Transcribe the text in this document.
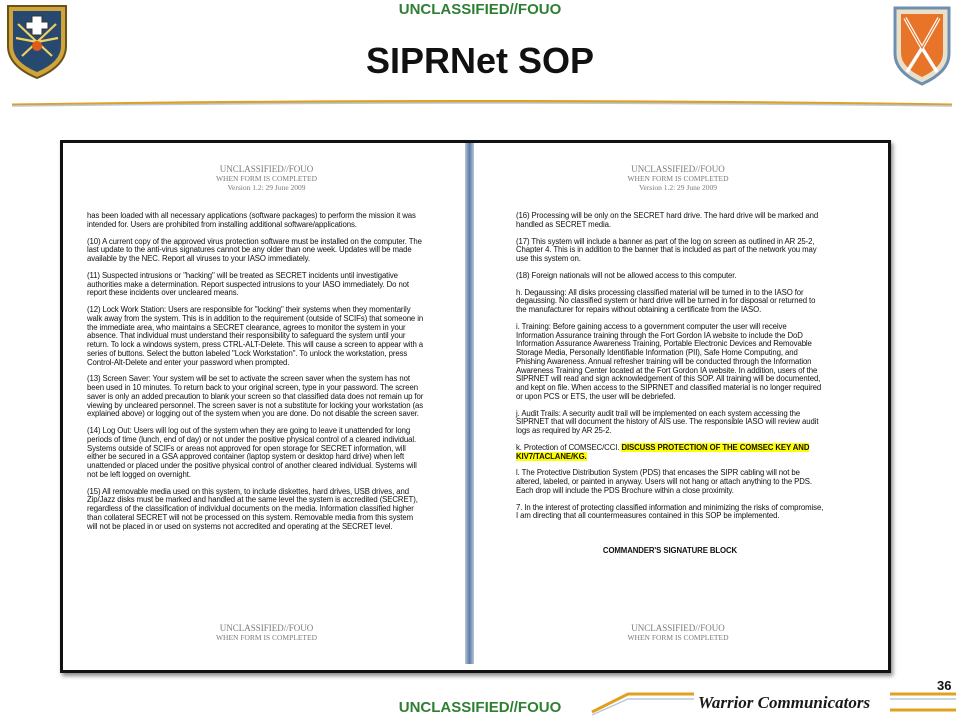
UNCLASSIFIED//FOUO
SIPRNet SOP
UNCLASSIFIED//FOUO
WHEN FORM IS COMPLETED
Version 1.2: 29 June 2009

has been loaded with all necessary applications (software packages) to perform the mission it was intended for. Users are prohibited from installing additional software/applications.

(10) A current copy of the approved virus protection software must be installed on the computer. The last update to the anti-virus signatures cannot be any older than one week. Updates will be made available by the NEC. Report all viruses to your IASO immediately.

(11) Suspected intrusions or "hacking" will be treated as SECRET incidents until investigative authorities make a determination. Report suspected intrusions to your IASO immediately. Do not report these incidents over uncleared means.

(12) Lock Work Station: Users are responsible for "locking" their systems when they momentarily walk away from the system. This is in addition to the requirement (outside of SCIFs) that someone in the immediate area, who maintains a SECRET clearance, agrees to monitor the system in your absence. That individual must understand their responsibility to safeguard the system until your return. To lock a windows system, press CTRL-ALT-Delete. This will cause a screen to appear with a series of buttons. Select the button labeled "Lock Workstation". To unlock the workstation, press Control-Alt-Delete and enter your password when prompted.

(13) Screen Saver: Your system will be set to activate the screen saver when the system has not been used in 10 minutes. To return back to your original screen, type in your password. The screen saver is only an added precaution to blank your screen so that classified data does not remain up for viewing by uncleared personnel. The screen saver is not a substitute for locking your workstation (as explained above) or logging out of the system when you are done. Do not disable the screen saver.

(14) Log Out: Users will log out of the system when they are going to leave it unattended for long periods of time (lunch, end of day) or not under the positive physical control of a cleared individual. Systems outside of SCIFs or areas not approved for open storage for SECRET information, will either be secured in a GSA approved container (laptop system or desktop hard drive) when left unattended or placed under the positive physical control of another cleared individual. Systems will not be left logged on overnight.

(15) All removable media used on this system, to include diskettes, hard drives, USB drives, and Zip/Jazz disks must be marked and handled at the same level the system is accredited (SECRET), regardless of the classification of individual documents on the media. Information classified higher than collateral SECRET will not be processed on this system. Removable media from this system will not be placed in or used on systems not accredited and operating at the SECRET level.

UNCLASSIFIED//FOUO
WHEN FORM IS COMPLETED
UNCLASSIFIED//FOUO
WHEN FORM IS COMPLETED
Version 1.2: 29 June 2009

(16) Processing will be only on the SECRET hard drive. The hard drive will be marked and handled as SECRET media.

(17) This system will include a banner as part of the log on screen as outlined in AR 25-2, Chapter 4. This is in addition to the banner that is included as part of the network you may use this system on.

(18) Foreign nationals will not be allowed access to this computer.

h. Degaussing: All disks processing classified material will be turned in to the IASO for degaussing. No classified system or hard drive will be turned in for disposal or returned to the manufacturer for repairs without obtaining a certificate from the IASO.

i. Training: Before gaining access to a government computer the user will receive Information Assurance training through the Fort Gordon IA website to include the DoD Information Assurance Awareness Training, Portable Electronic Devices and Removable Storage Media, Personally Identifiable Information (PII), Safe Home Computing, and Phishing Awareness. Annual refresher training will be conducted through the Information Awareness Training Center located at the Fort Gordon IA website. In addition, users of the SIPRNET will read and sign acknowledgement of this SOP. All training will be documented, and kept on file. When access to the SIPRNET and classified material is no longer required or upon PCS or ETS, the user will be debriefed.

j. Audit Trails: A security audit trail will be implemented on each system accessing the SIPRNET that will document the history of AIS use. The responsible IASO will review audit logs as required by AR 25-2.

k. Protection of COMSEC/CCI. DISCUSS PROTECTION OF THE COMSEC KEY AND KIV7/TACLANE/KG.

l. The Protective Distribution System (PDS) that encases the SIPR cabling will not be altered, labeled, or painted in anyway. Users will not hang or attach anything to the PDS. Each drop will include the PDS Brochure within a close proximity.

7. In the interest of protecting classified information and minimizing the risks of compromise, I am directing that all countermeasures contained in this SOP be implemented.

COMMANDER'S SIGNATURE BLOCK
UNCLASSIFIED//FOUO
WHEN FORM IS COMPLETED
36
UNCLASSIFIED//FOUO	Warrior Communicators
